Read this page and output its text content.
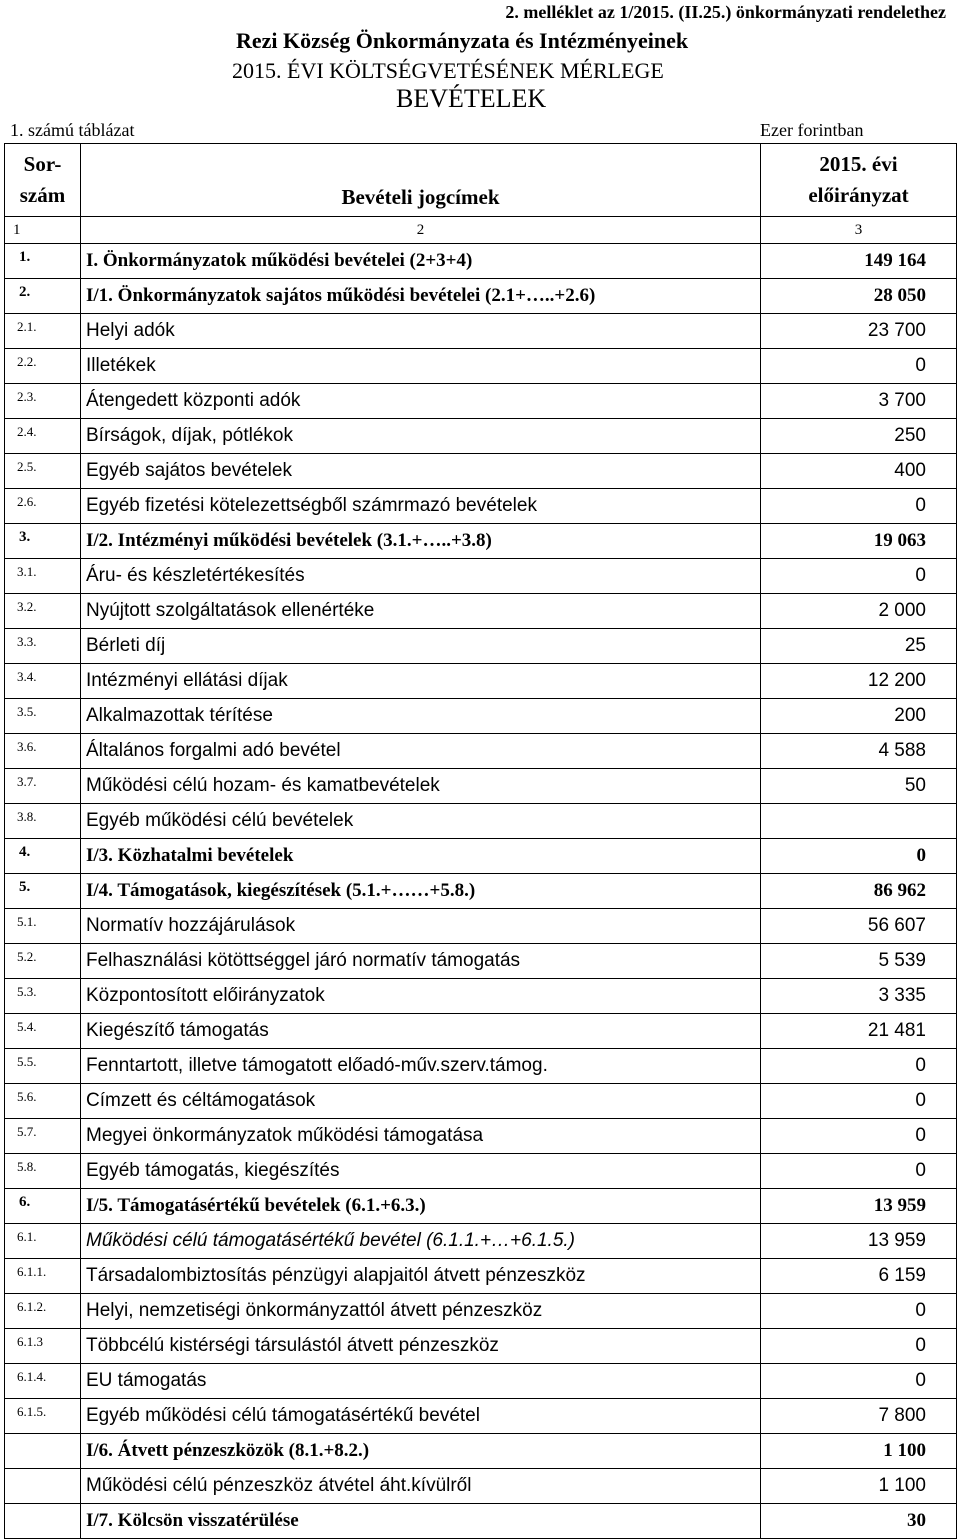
2. melléklet az 1/2015. (II.25.) önkormányzati rendelethez
Rezi Község Önkormányzata és Intézményeinek
2015. ÉVI KÖLTSÉGVETÉSÉNEK MÉRLEGE
BEVÉTELEK
1. számú táblázat	Ezer forintban
Sor-
szám	Bevételi jogcímek	2015. évi
előirányzat

1	2	3
1.	I. Önkormányzatok működési bevételei (2+3+4)	149 164
2.	I/1. Önkormányzatok sajátos működési bevételei (2.1+…..+2.6)	28 050
2.1.	Helyi adók	23 700
2.2.	Illetékek	0
2.3.	Átengedett központi adók	3 700
2.4.	Bírságok, díjak, pótlékok	250
2.5.	Egyéb sajátos bevételek	400
2.6.	Egyéb fizetési kötelezettségből számrmazó bevételek	0
3.	I/2. Intézményi működési bevételek (3.1.+…..+3.8)	19 063
3.1.	Áru- és készletértékesítés	0
3.2.	Nyújtott szolgáltatások ellenértéke	2 000
3.3.	Bérleti díj	25
3.4.	Intézményi ellátási díjak	12 200
3.5.	Alkalmazottak térítése	200
3.6.	Általános forgalmi adó bevétel	4 588
3.7.	Működési célú hozam- és kamatbevételek	50
3.8.	Egyéb működési célú bevételek	
4.	I/3. Közhatalmi bevételek	0
5.	I/4. Támogatások, kiegészítések (5.1.+……+5.8.)	86 962
5.1.	Normatív hozzájárulások	56 607
5.2.	Felhasználási kötöttséggel járó normatív támogatás	5 539
5.3.	Központosított előirányzatok	3 335
5.4.	Kiegészítő támogatás	21 481
5.5.	Fenntartott, illetve támogatott előadó-műv.szerv.támog.	0
5.6.	Címzett és céltámogatások	0
5.7.	Megyei önkormányzatok működési támogatása	0
5.8.	Egyéb támogatás, kiegészítés	0
6.	I/5. Támogatásértékű bevételek (6.1.+6.3.)	13 959
6.1.	Működési célú támogatásértékű bevétel (6.1.1.+…+6.1.5.)	13 959
6.1.1.	Társadalombiztosítás pénzügyi alapjaitól átvett pénzeszköz	6 159
6.1.2.	Helyi, nemzetiségi önkormányzattól átvett pénzeszköz	0
6.1.3	Többcélú kistérségi társulástól átvett pénzeszköz	0
6.1.4.	EU támogatás	0
6.1.5.	Egyéb működési célú támogatásértékű bevétel	7 800
	I/6. Átvett pénzeszközök (8.1.+8.2.)	1 100
	Működési célú pénzeszköz átvétel áht.kívülről	1 100
	I/7. Kölcsön visszatérülése	30
